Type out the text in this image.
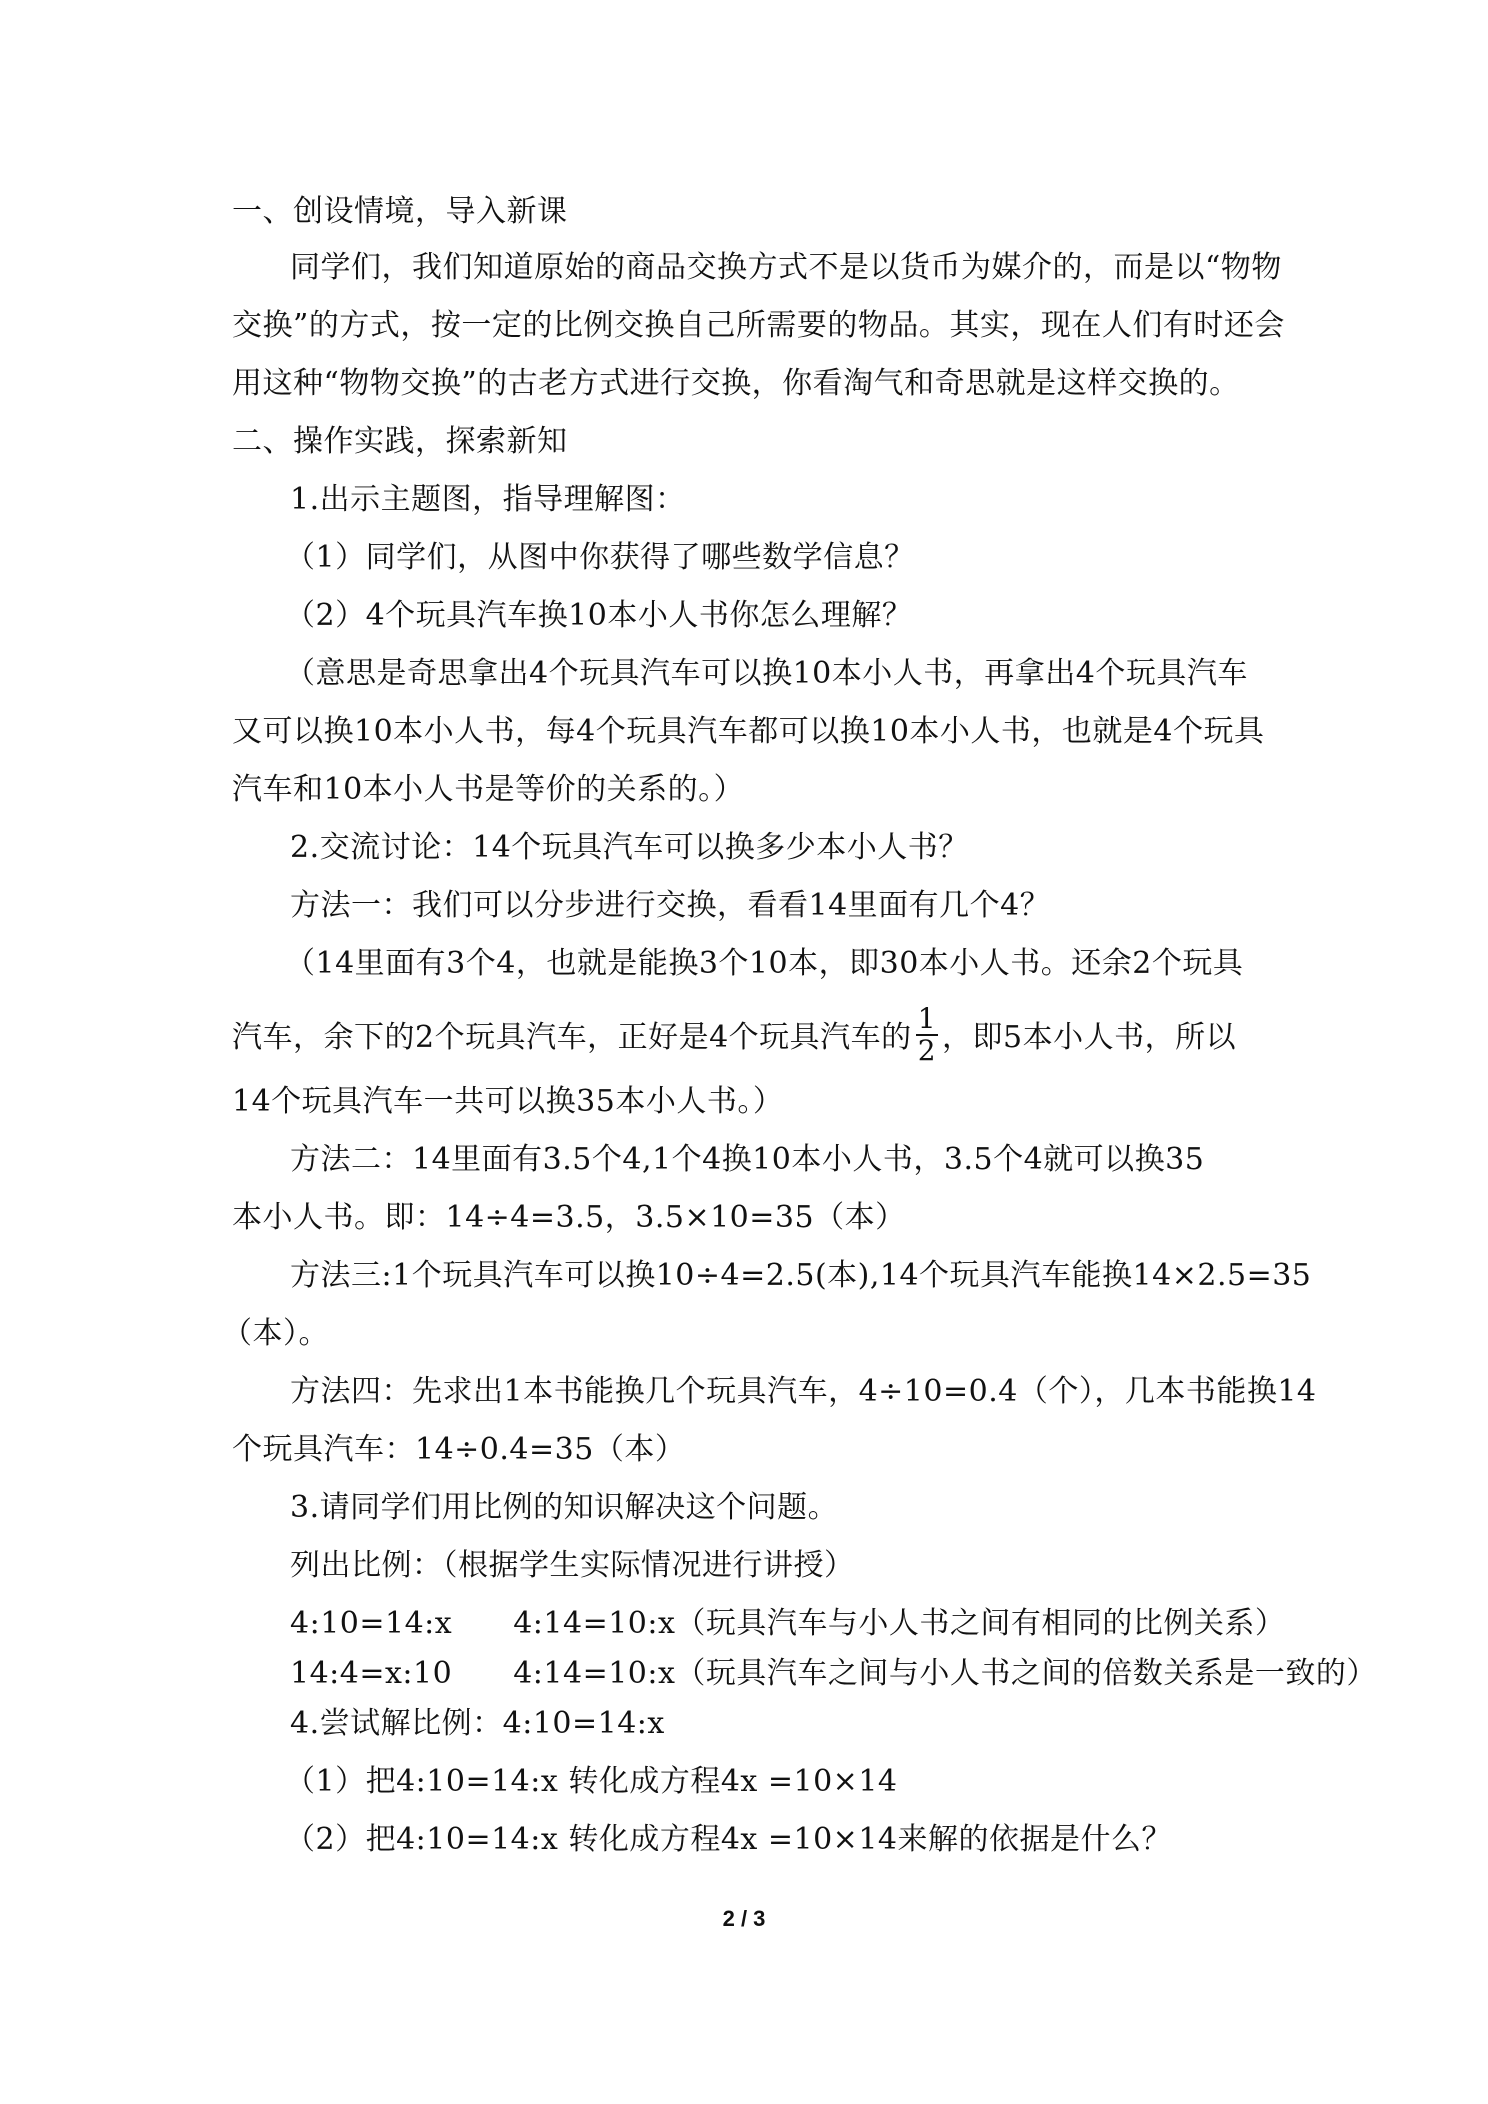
一、创设情境，导入新课
同学们，我们知道原始的商品交换方式不是以货币为媒介的，而是以“物物
交换”的方式，按一定的比例交换自己所需要的物品。其实，现在人们有时还会
用这种“物物交换”的古老方式进行交换，你看淘气和奇思就是这样交换的。
二、操作实践，探索新知
1.出示主题图，指导理解图：
（1）同学们，从图中你获得了哪些数学信息？
（2）4个玩具汽车换10本小人书你怎么理解？
（意思是奇思拿出4个玩具汽车可以换10本小人书，再拿出4个玩具汽车
又可以换10本小人书，每4个玩具汽车都可以换10本小人书，也就是4个玩具
汽车和10本小人书是等价的关系的。）
2.交流讨论：14个玩具汽车可以换多少本小人书？
方法一：我们可以分步进行交换，看看14里面有几个4？
（14里面有3个4，也就是能换3个10本，即30本小人书。还余2个玩具
汽车，余下的2个玩具汽车，正好是4个玩具汽车的 $\frac{1}{2}$ ，即5本小人书，所以
14个玩具汽车一共可以换35本小人书。）
方法二：14里面有3.5个4,1个4换10本小人书，3.5个4就可以换35
本小人书。即：14÷4=3.5，3.5×10=35（本）
方法三:1个玩具汽车可以换10÷4=2.5(本),14个玩具汽车能换14×2.5=35
（本）。
方法四：先求出1本书能换几个玩具汽车，4÷10=0.4（个），几本书能换14
个玩具汽车：14÷0.4=35（本）
3.请同学们用比例的知识解决这个问题。
列出比例：（根据学生实际情况进行讲授）
4:10=14:x　　4:14=10:x（玩具汽车与小人书之间有相同的比例关系）
14:4=x:10　　4:14=10:x（玩具汽车之间与小人书之间的倍数关系是一致的）
4.尝试解比例：4:10=14:x
（1）把4:10=14:x 转化成方程4x =10×14
（2）把4:10=14:x 转化成方程4x =10×14来解的依据是什么？
2 / 3
